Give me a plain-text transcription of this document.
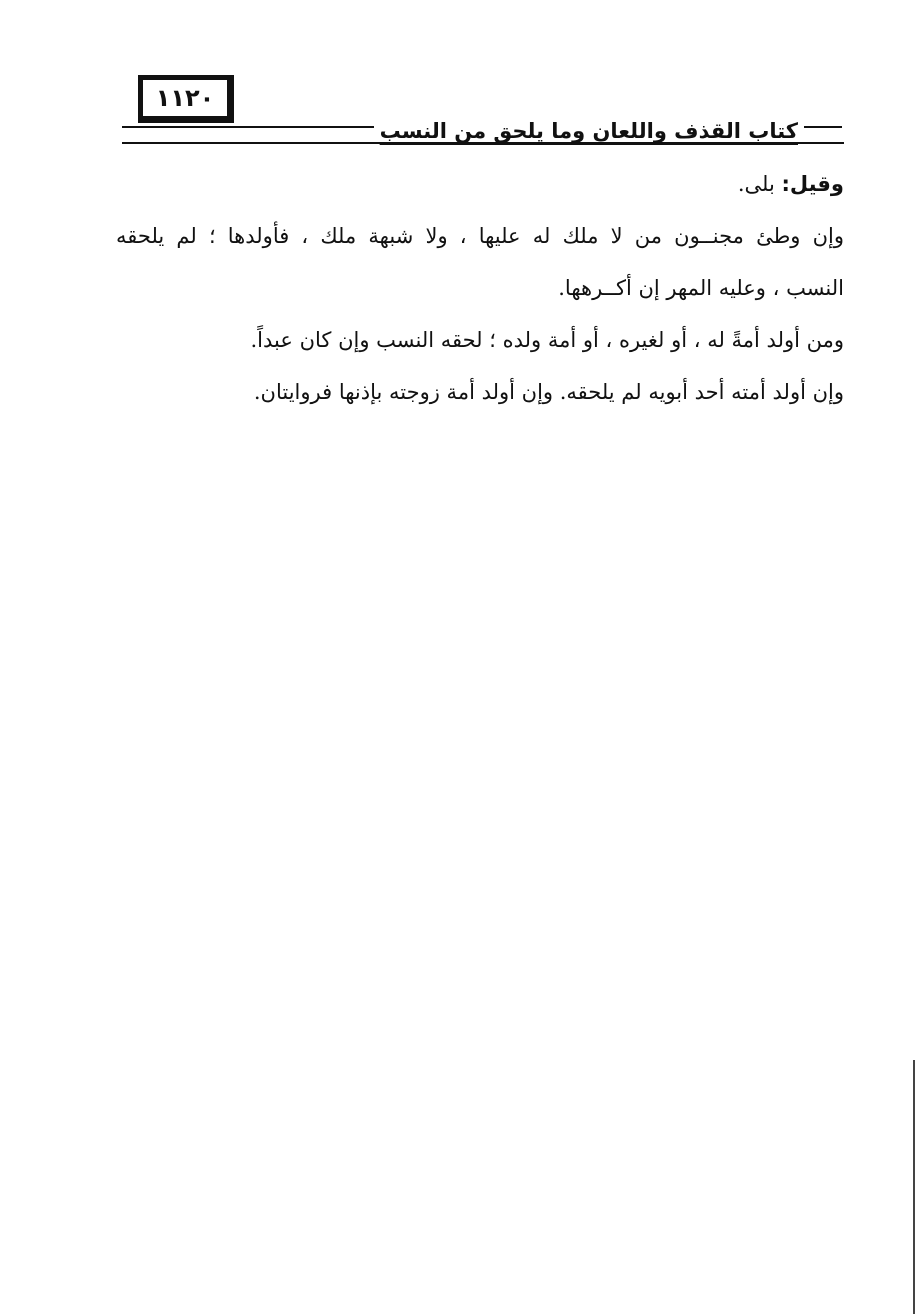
١١٢٠
كتاب القذف واللعان وما يلحق من النسب

وقيل: بلى.

وإن وطئ مجنــون من لا ملك له عليها ، ولا شبهة ملك ، فأولدها ؛ لم يلحقه

النسب ، وعليه المهر إن أكــرهها.

ومن أولد أمةً له ، أو لغيره ، أو أمة ولده ؛ لحقه النسب وإن كان عبداً.

وإن أولد أمته أحد أبويه لم يلحقه. وإن أولد أمة زوجته بإذنها فروايتان.
